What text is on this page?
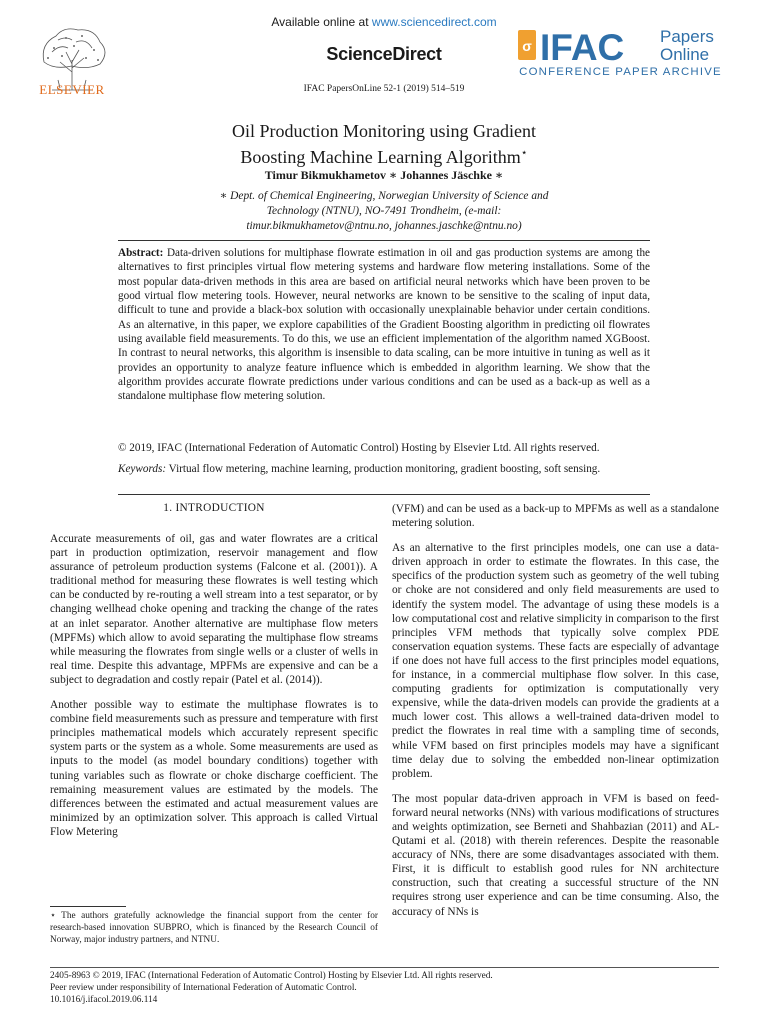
ELSEVIER
Available online at www.sciencedirect.com
ScienceDirect
IFAC PapersOnLine 52-1 (2019) 514–519
σ IFAC Papers
Online
CONFERENCE PAPER ARCHIVE
Oil Production Monitoring using Gradient
Boosting Machine Learning Algorithm⋆
Timur Bikmukhametov ∗ Johannes Jäschke ∗
∗ Dept. of Chemical Engineering, Norwegian University of Science and
Technology (NTNU), NO-7491 Trondheim, (e-mail:
timur.bikmukhametov@ntnu.no, johannes.jaschke@ntnu.no)
Abstract: Data-driven solutions for multiphase flowrate estimation in oil and gas production systems are among the alternatives to first principles virtual flow metering systems and hardware flow metering installations. Some of the most popular data-driven methods in this area are based on artificial neural networks which have been proven to be good virtual flow metering tools. However, neural networks are known to be sensitive to the scaling of input data, difficult to tune and provide a black-box solution with occasionally unexplainable behavior under certain conditions. As an alternative, in this paper, we explore capabilities of the Gradient Boosting algorithm in predicting oil flowrates using available field measurements. To do this, we use an efficient implementation of the algorithm named XGBoost. In contrast to neural networks, this algorithm is insensible to data scaling, can be more intuitive in tuning as well as it provides an opportunity to analyze feature influence which is embedded in algorithm learning. We show that the algorithm provides accurate flowrate predictions under various conditions and can be used as a back-up as well as a standalone multiphase flow metering solution.
© 2019, IFAC (International Federation of Automatic Control) Hosting by Elsevier Ltd. All rights reserved.
Keywords: Virtual flow metering, machine learning, production monitoring, gradient boosting, soft sensing.
1. INTRODUCTION

Accurate measurements of oil, gas and water flowrates are a critical part in production optimization, reservoir management and flow assurance of petroleum production systems (Falcone et al. (2001)). A traditional method for measuring these flowrates is well testing which can be conducted by re-routing a well stream into a test separator, or by changing wellhead choke opening and tracking the change of the rates at an inlet separator. Another alternative are multiphase flow meters (MPFMs) which allow to avoid separating the multiphase flow streams while measuring the flowrates from single wells or a cluster of wells in real time. Despite this advantage, MPFMs are expensive and can be a subject to degradation and costly repair (Patel et al. (2014)).

Another possible way to estimate the multiphase flowrates is to combine field measurements such as pressure and temperature with first principles mathematical models which accurately represent specific system parts or the system as a whole. Some measurements are used as inputs to the model (as model boundary conditions) together with tuning variables such as flowrate or choke discharge coefficient. The remaining measurement values are estimated by the models. The differences between the estimated and actual measurement values are minimized by an optimization solver. This approach is called Virtual Flow Metering

(VFM) and can be used as a back-up to MPFMs as well as a standalone metering solution.

As an alternative to the first principles models, one can use a data-driven approach in order to estimate the flowrates. In this case, the specifics of the production system such as geometry of the well tubing or choke are not considered and only field measurements are used to identify the system model. The advantage of using these models is a low computational cost and relative simplicity in comparison to the first principles VFM methods that typically solve complex PDE conservation equation systems. These facts are especially of advantage if one does not have full access to the first principles model equations, for instance, in a commercial multiphase flow solver. In this case, computing gradients for optimization is computationally very expensive, while the data-driven models can provide the gradients at a much lower cost. This allows a well-trained data-driven model to predict the flowrates in real time with a sampling time of seconds, while VFM based on first principles models may have a significant time delay due to solving the embedded non-linear optimization problem.

The most popular data-driven approach in VFM is based on feed-forward neural networks (NNs) with various modifications of structures and weights optimization, see Berneti and Shahbazian (2011) and AL-Qutami et al. (2018) with therein references. Despite the reasonable accuracy of NNs, there are some disadvantages associated with them. First, it is difficult to establish good rules for NN architecture construction, such that creating a successful structure of the NN requires strong user experience and can be time consuming. Also, the accuracy of NNs is

⋆ The authors gratefully acknowledge the financial support from the center for research-based innovation SUBPRO, which is financed by the Research Council of Norway, major industry partners, and NTNU.
2405-8963 © 2019, IFAC (International Federation of Automatic Control) Hosting by Elsevier Ltd. All rights reserved.
Peer review under responsibility of International Federation of Automatic Control.
10.1016/j.ifacol.2019.06.114
